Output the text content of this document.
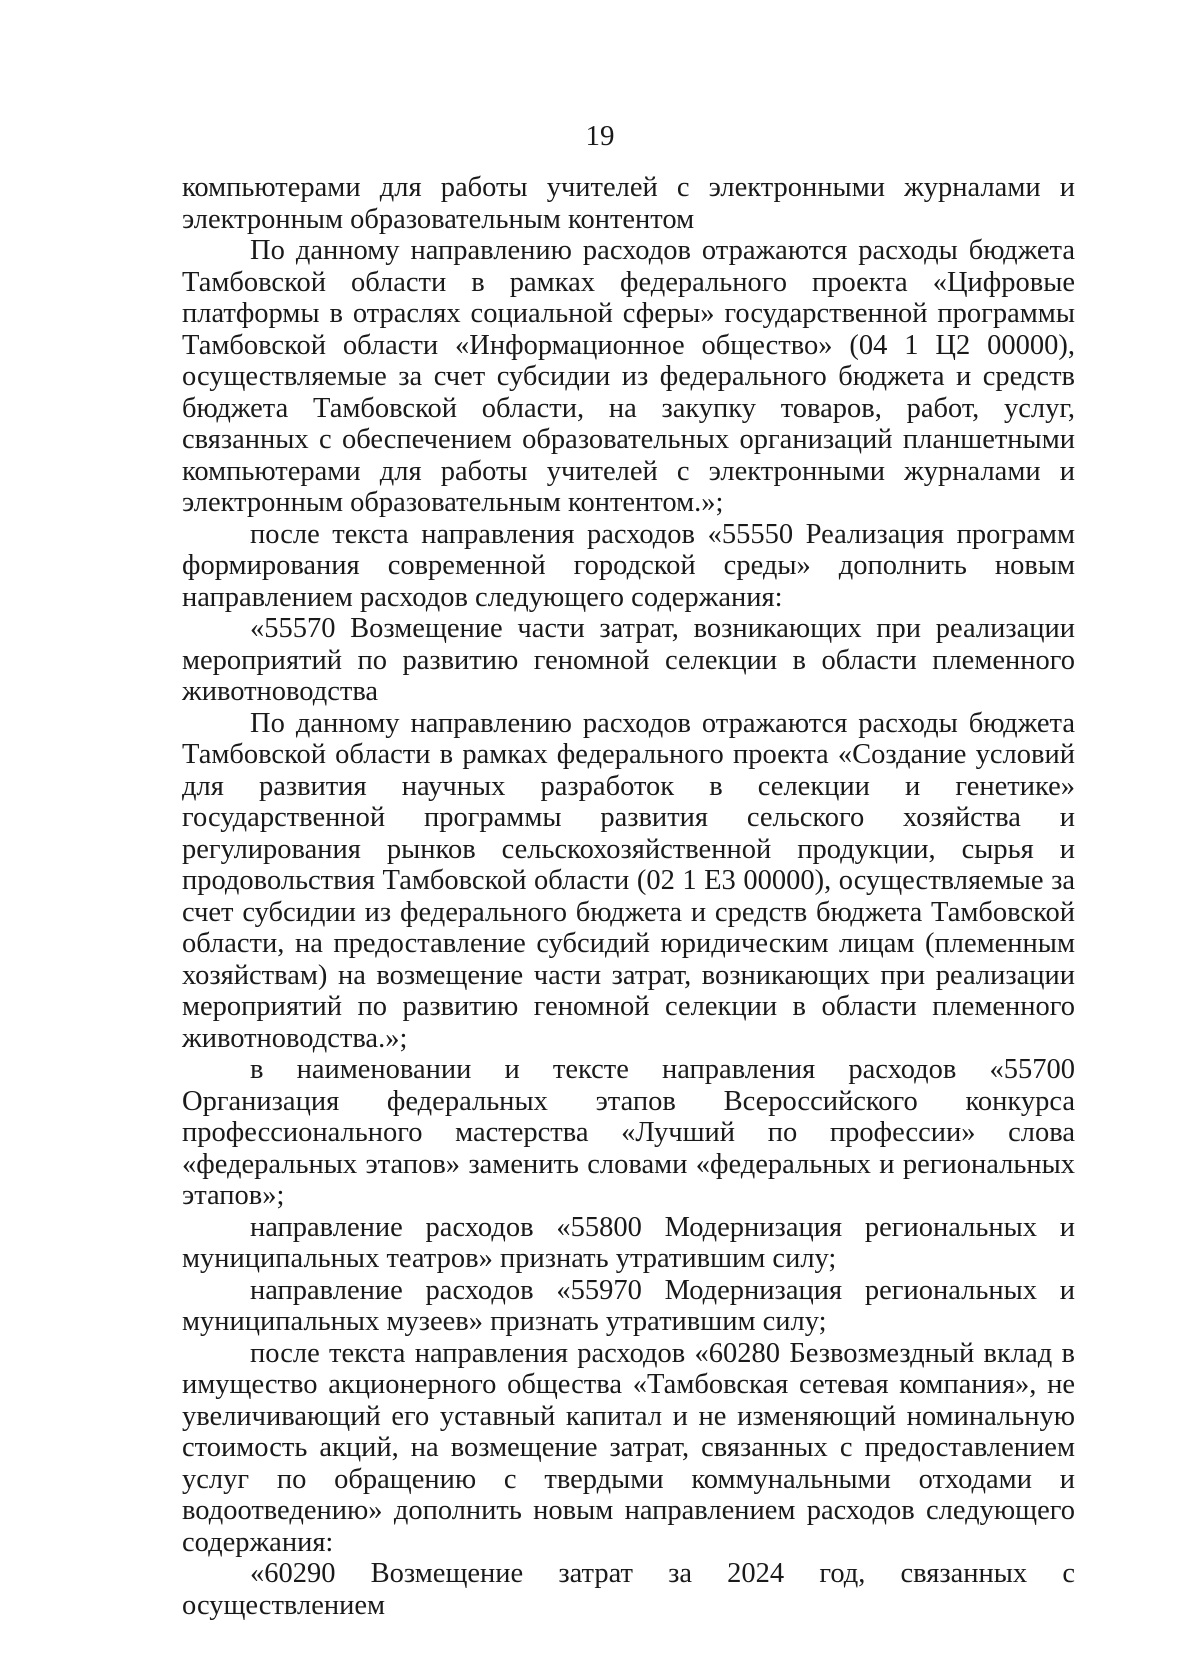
19

компьютерами для работы учителей с электронными журналами и электронным образовательным контентом

По данному направлению расходов отражаются расходы бюджета Тамбовской области в рамках федерального проекта «Цифровые платформы в отраслях социальной сферы» государственной программы Тамбовской области «Информационное общество» (04 1 Ц2 00000), осуществляемые за счет субсидии из федерального бюджета и средств бюджета Тамбовской области, на закупку товаров, работ, услуг, связанных с обеспечением образовательных организаций планшетными компьютерами для работы учителей с электронными журналами и электронным образовательным контентом.»;

после текста направления расходов «55550 Реализация программ формирования современной городской среды» дополнить новым направлением расходов следующего содержания:

«55570 Возмещение части затрат, возникающих при реализации мероприятий по развитию геномной селекции в области племенного животноводства

По данному направлению расходов отражаются расходы бюджета Тамбовской области в рамках федерального проекта «Создание условий для развития научных разработок в селекции и генетике» государственной программы развития сельского хозяйства и регулирования рынков сельскохозяйственной продукции, сырья и продовольствия Тамбовской области (02 1 Е3 00000), осуществляемые за счет субсидии из федерального бюджета и средств бюджета Тамбовской области, на предоставление субсидий юридическим лицам (племенным хозяйствам) на возмещение части затрат, возникающих при реализации мероприятий по развитию геномной селекции в области племенного животноводства.»;

в наименовании и тексте направления расходов «55700 Организация федеральных этапов Всероссийского конкурса профессионального мастерства «Лучший по профессии» слова «федеральных этапов» заменить словами «федеральных и региональных этапов»;

направление расходов «55800 Модернизация региональных и муниципальных театров» признать утратившим силу;

направление расходов «55970 Модернизация региональных и муниципальных музеев» признать утратившим силу;

после текста направления расходов «60280 Безвозмездный вклад в имущество акционерного общества «Тамбовская сетевая компания», не увеличивающий его уставный капитал и не изменяющий номинальную стоимость акций, на возмещение затрат, связанных с предоставлением услуг по обращению с твердыми коммунальными отходами и водоотведению» дополнить новым направлением расходов следующего содержания:

«60290 Возмещение затрат за 2024 год, связанных с осуществлением
